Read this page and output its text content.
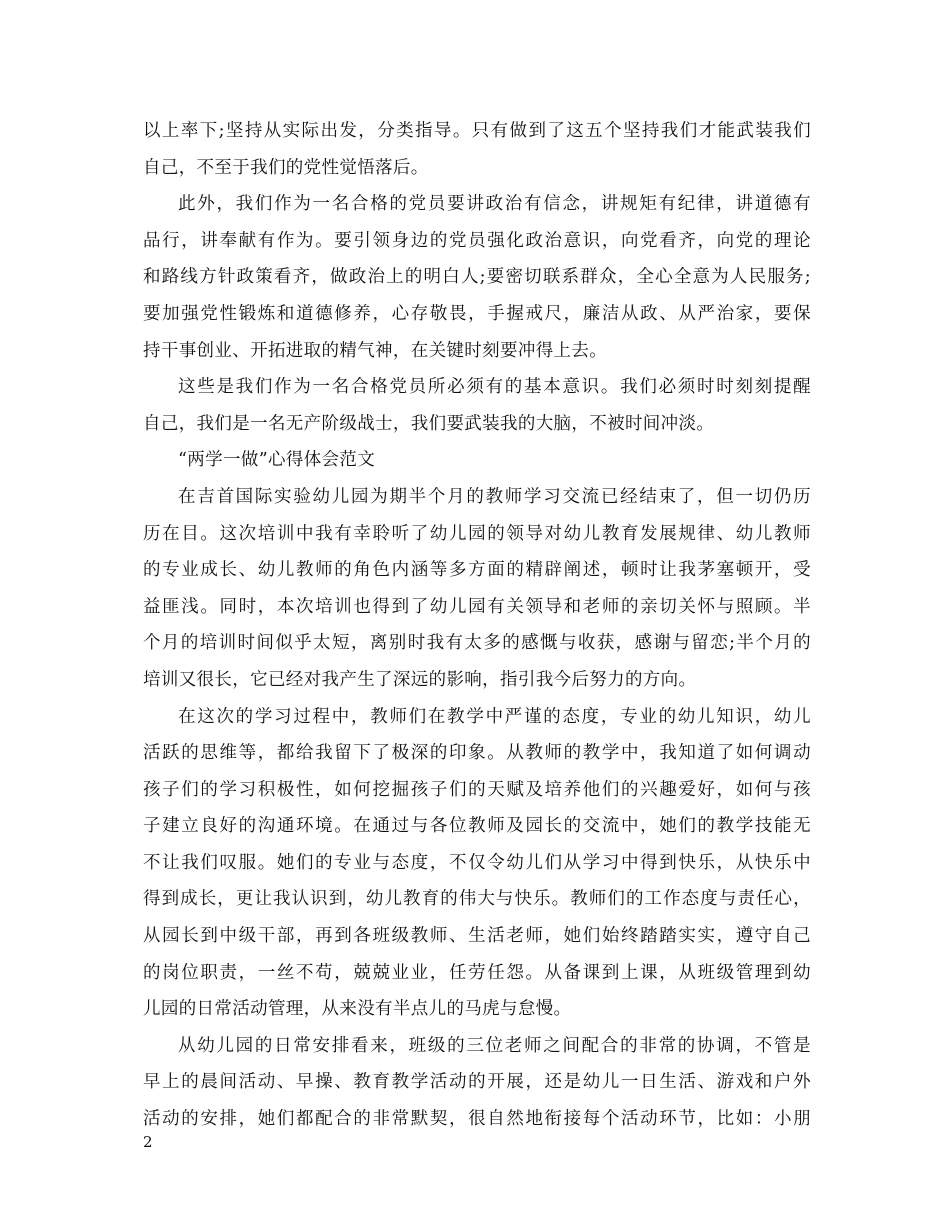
以上率下;坚持从实际出发，分类指导。只有做到了这五个坚持我们才能武装我们
自己，不至于我们的党性觉悟落后。
此外，我们作为一名合格的党员要讲政治有信念，讲规矩有纪律，讲道德有
品行，讲奉献有作为。要引领身边的党员强化政治意识，向党看齐，向党的理论
和路线方针政策看齐，做政治上的明白人;要密切联系群众，全心全意为人民服务;
要加强党性锻炼和道德修养，心存敬畏，手握戒尺，廉洁从政、从严治家，要保
持干事创业、开拓进取的精气神，在关键时刻要冲得上去。
这些是我们作为一名合格党员所必须有的基本意识。我们必须时时刻刻提醒
自己，我们是一名无产阶级战士，我们要武装我的大脑，不被时间冲淡。
“两学一做”心得体会范文
在吉首国际实验幼儿园为期半个月的教师学习交流已经结束了，但一切仍历
历在目。这次培训中我有幸聆听了幼儿园的领导对幼儿教育发展规律、幼儿教师
的专业成长、幼儿教师的角色内涵等多方面的精辟阐述，顿时让我茅塞顿开，受
益匪浅。同时，本次培训也得到了幼儿园有关领导和老师的亲切关怀与照顾。半
个月的培训时间似乎太短，离别时我有太多的感慨与收获，感谢与留恋;半个月的
培训又很长，它已经对我产生了深远的影响，指引我今后努力的方向。
在这次的学习过程中，教师们在教学中严谨的态度，专业的幼儿知识，幼儿
活跃的思维等，都给我留下了极深的印象。从教师的教学中，我知道了如何调动
孩子们的学习积极性，如何挖掘孩子们的天赋及培养他们的兴趣爱好，如何与孩
子建立良好的沟通环境。在通过与各位教师及园长的交流中，她们的教学技能无
不让我们叹服。她们的专业与态度，不仅令幼儿们从学习中得到快乐，从快乐中
得到成长，更让我认识到，幼儿教育的伟大与快乐。教师们的工作态度与责任心，
从园长到中级干部，再到各班级教师、生活老师，她们始终踏踏实实，遵守自己
的岗位职责，一丝不苟，兢兢业业，任劳任怨。从备课到上课，从班级管理到幼
儿园的日常活动管理，从来没有半点儿的马虎与怠慢。
从幼儿园的日常安排看来，班级的三位老师之间配合的非常的协调，不管是
早上的晨间活动、早操、教育教学活动的开展，还是幼儿一日生活、游戏和户外
活动的安排，她们都配合的非常默契，很自然地衔接每个活动环节，比如：小朋
2
